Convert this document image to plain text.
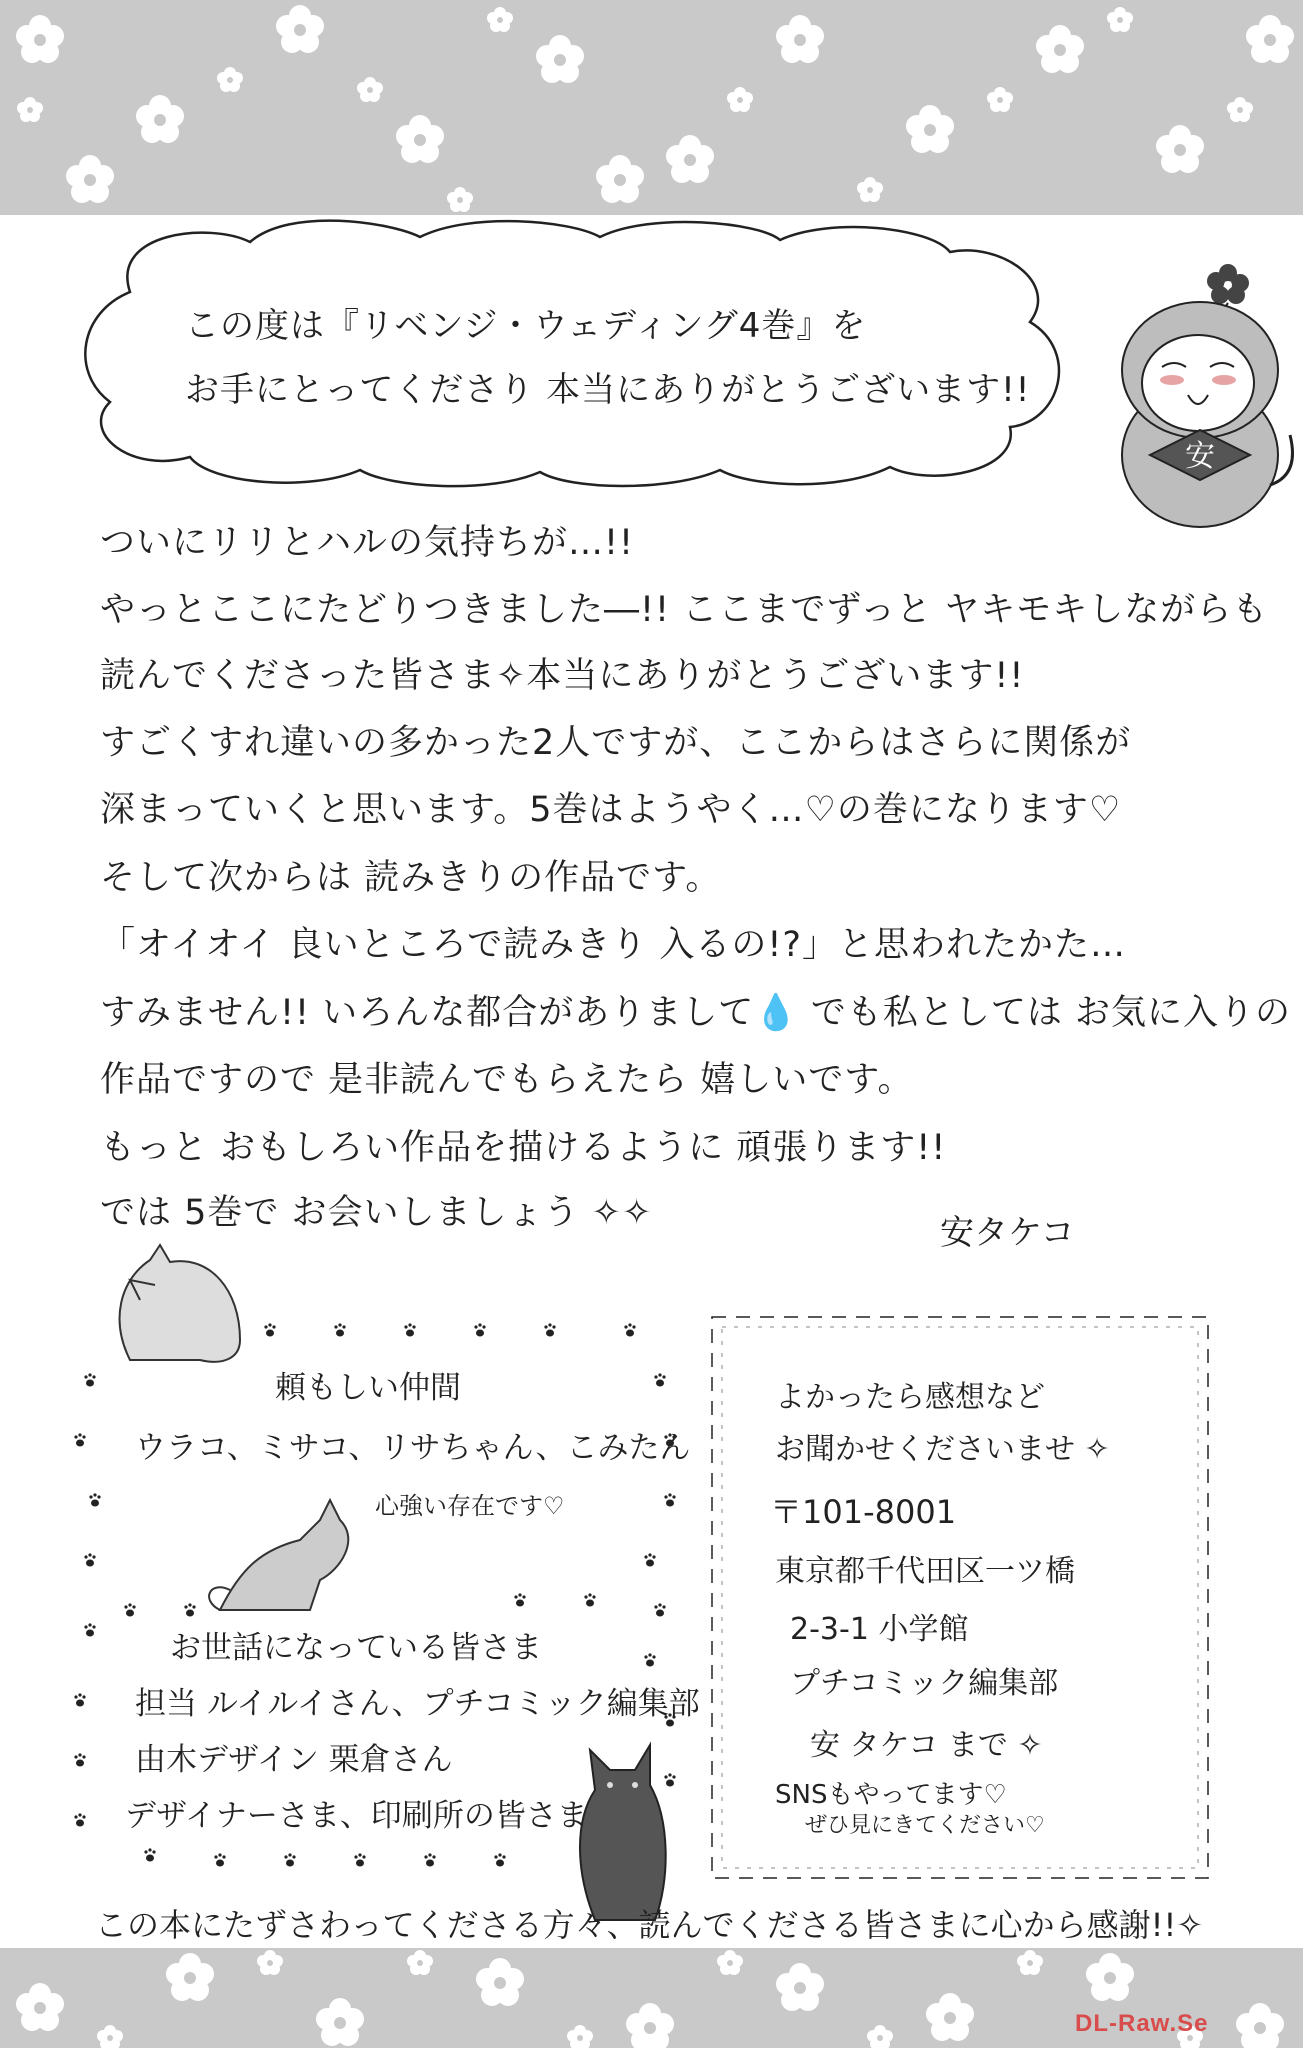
この度は『リベンジ・ウェディング4巻』を
お手にとってくださり 本当にありがとうございます!!
安
ついにリリとハルの気持ちが…!!
やっとここにたどりつきました―!! ここまでずっと ヤキモキしながらも
読んでくださった皆さま✧本当にありがとうございます!!
すごくすれ違いの多かった2人ですが、ここからはさらに関係が
深まっていくと思います。5巻はようやく…♡の巻になります♡
そして次からは 読みきりの作品です。
「オイオイ 良いところで読みきり 入るの!?」と思われたかた…
すみません!! いろんな都合がありまして💧 でも私としては お気に入りの
作品ですので 是非読んでもらえたら 嬉しいです。
もっと おもしろい作品を描けるように 頑張ります!!
では 5巻で お会いしましょう ✧✧	安タケコ
頼もしい仲間
ウラコ、ミサコ、リサちゃん、こみたん
心強い存在です♡
お世話になっている皆さま
担当 ルイルイさん、プチコミック編集部
由木デザイン 栗倉さん
デザイナーさま、印刷所の皆さま
よかったら感想など
お聞かせくださいませ ✧
〒101-8001
東京都千代田区一ツ橋
2-3-1 小学館
プチコミック編集部
安 タケコ まで ✧
SNSもやってます♡
ぜひ見にきてください♡
この本にたずさわってくださる方々、読んでくださる皆さまに心から感謝!!✧
DL-Raw.Se
